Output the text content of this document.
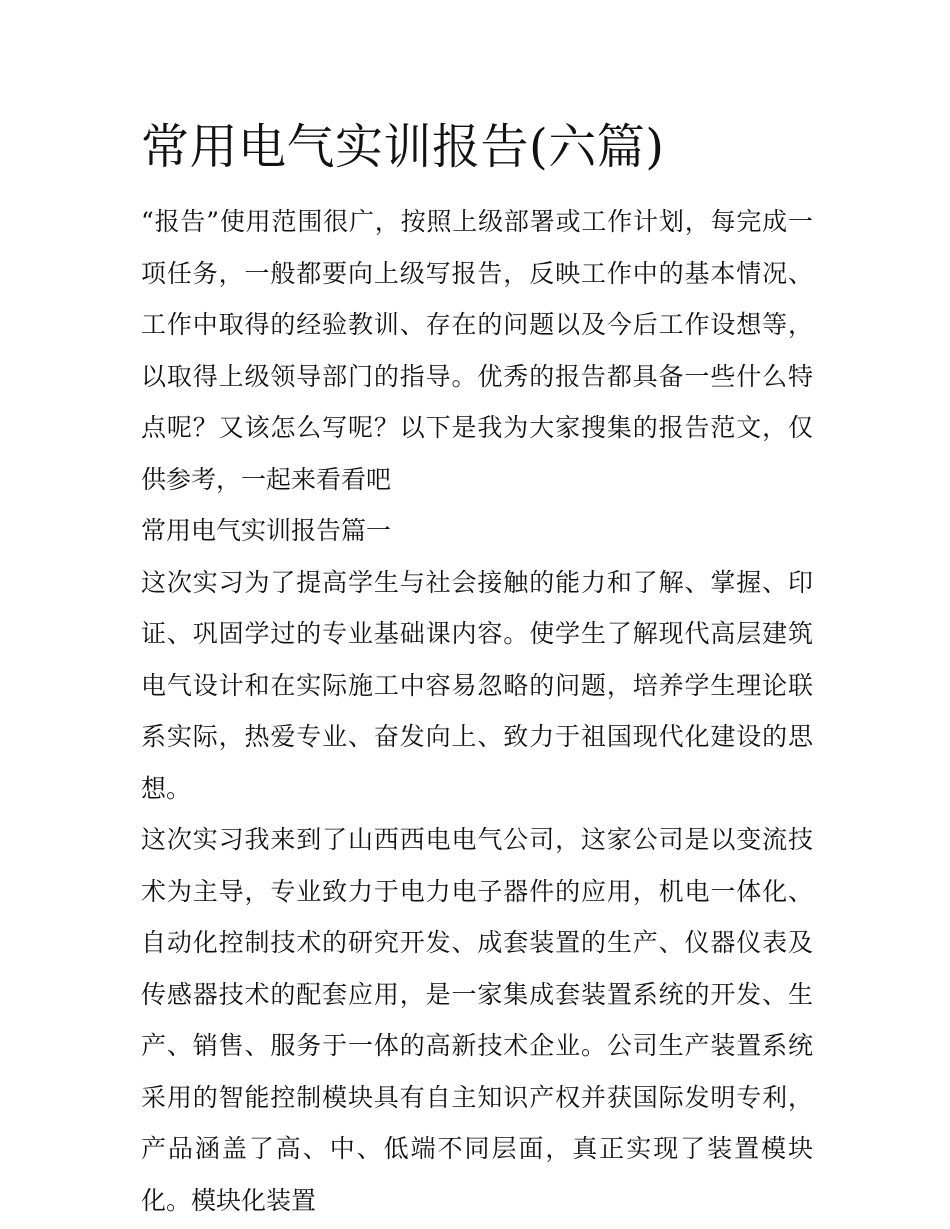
常用电气实训报告(六篇)

“报告”使用范围很广，按照上级部署或工作计划，每完成一项任务，一般都要向上级写报告，反映工作中的基本情况、工作中取得的经验教训、存在的问题以及今后工作设想等，以取得上级领导部门的指导。优秀的报告都具备一些什么特点呢？又该怎么写呢？以下是我为大家搜集的报告范文，仅供参考，一起来看看吧

常用电气实训报告篇一

这次实习为了提高学生与社会接触的能力和了解、掌握、印证、巩固学过的专业基础课内容。使学生了解现代高层建筑电气设计和在实际施工中容易忽略的问题，培养学生理论联系实际，热爱专业、奋发向上、致力于祖国现代化建设的思想。

这次实习我来到了山西西电电气公司，这家公司是以变流技术为主导，专业致力于电力电子器件的应用，机电一体化、自动化控制技术的研究开发、成套装置的生产、仪器仪表及传感器技术的配套应用，是一家集成套装置系统的开发、生产、销售、服务于一体的高新技术企业。公司生产装置系统采用的智能控制模块具有自主知识产权并获国际发明专利，产品涵盖了高、中、低端不同层面，真正实现了装置模块化。模块化装置
